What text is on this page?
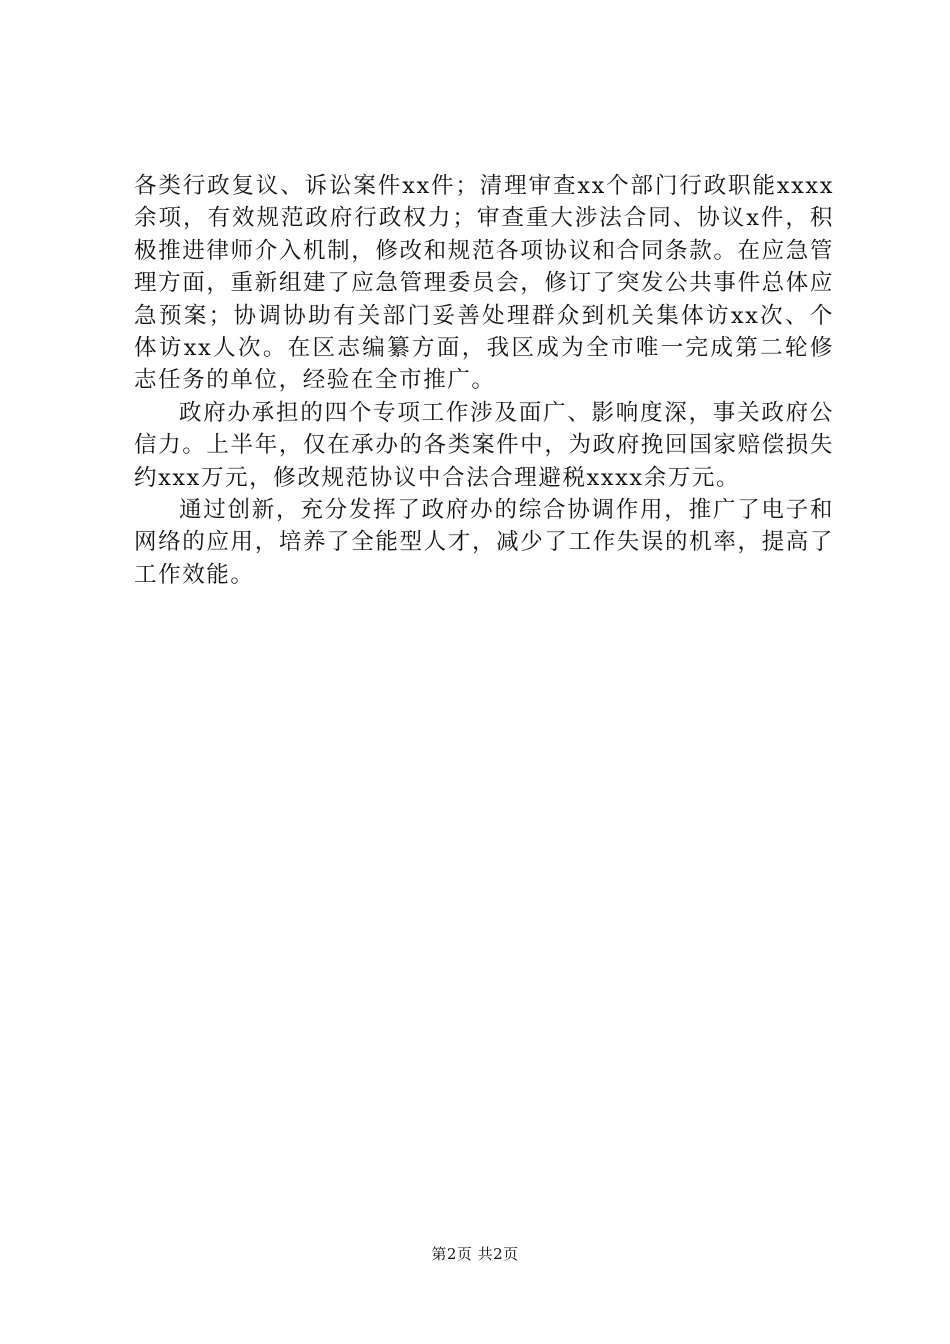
各类行政复议、诉讼案件xx件；清理审查xx个部门行政职能xxxx余项，有效规范政府行政权力；审查重大涉法合同、协议x件，积极推进律师介入机制，修改和规范各项协议和合同条款。在应急管理方面，重新组建了应急管理委员会，修订了突发公共事件总体应急预案；协调协助有关部门妥善处理群众到机关集体访xx次、个体访xx人次。在区志编纂方面，我区成为全市唯一完成第二轮修志任务的单位，经验在全市推广。

政府办承担的四个专项工作涉及面广、影响度深，事关政府公信力。上半年，仅在承办的各类案件中，为政府挽回国家赔偿损失约xxx万元，修改规范协议中合法合理避税xxxx余万元。

通过创新，充分发挥了政府办的综合协调作用，推广了电子和网络的应用，培养了全能型人才，减少了工作失误的机率，提高了工作效能。

第2页 共2页
